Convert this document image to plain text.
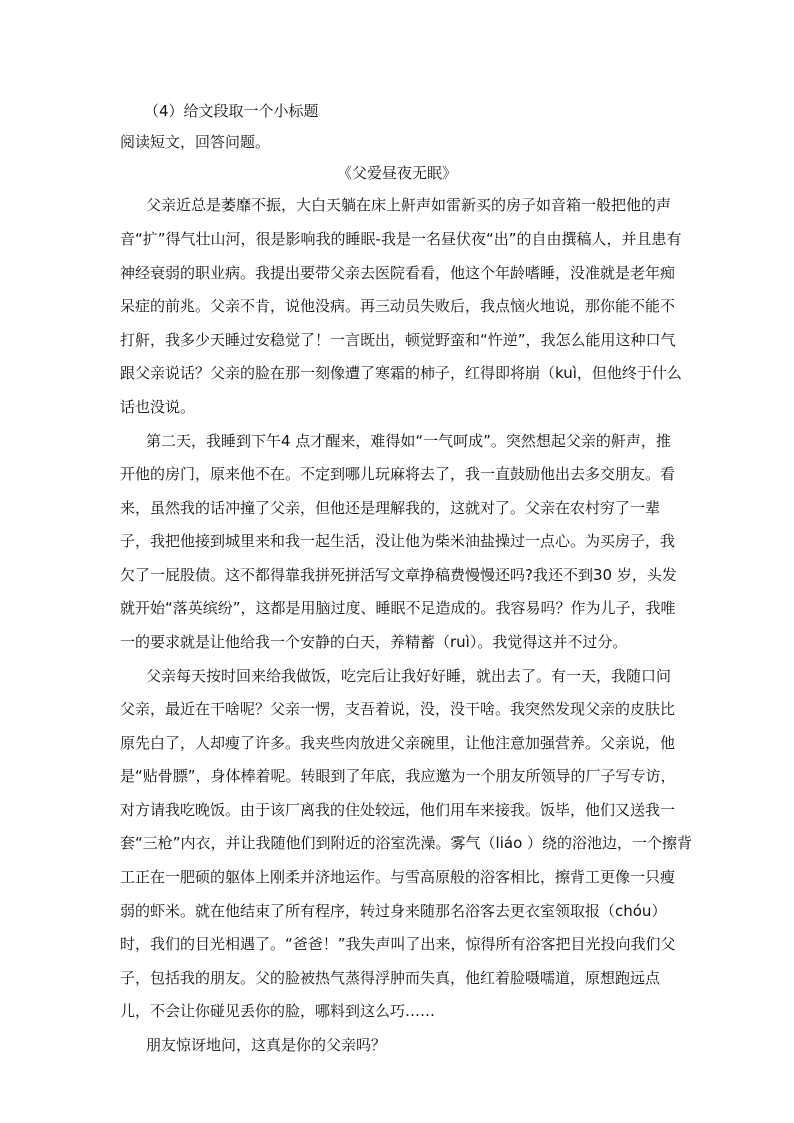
（4）给文段取一个小标题
阅读短文，回答问题。
《父爱昼夜无眠》
父亲近总是萎靡不振，大白天躺在床上鼾声如雷新买的房子如音箱一般把他的声
音“扩”得气壮山河，很是影响我的睡眠-我是一名昼伏夜“出”的自由撰稿人，并且患有
神经衰弱的职业病。我提出要带父亲去医院看看，他这个年龄嗜睡，没准就是老年痴
呆症的前兆。父亲不肯，说他没病。再三动员失败后，我点恼火地说，那你能不能不
打鼾，我多少天睡过安稳觉了！一言既出，顿觉野蛮和“忤逆”，我怎么能用这种口气
跟父亲说话？父亲的脸在那一刻像遭了寒霜的柿子，红得即将崩（kuì，但他终于什么
话也没说。
第二天，我睡到下午4 点才醒来，难得如“一气呵成”。突然想起父亲的鼾声，推
开他的房门，原来他不在。不定到哪儿玩麻将去了，我一直鼓励他出去多交朋友。看
来，虽然我的话冲撞了父亲，但他还是理解我的，这就对了。父亲在农村穷了一辈
子，我把他接到城里来和我一起生活，没让他为柴米油盐操过一点心。为买房子，我
欠了一屁股债。这不都得靠我拼死拼活写文章挣稿费慢慢还吗?我还不到30 岁，头发
就开始“落英缤纷”，这都是用脑过度、睡眠不足造成的。我容易吗？作为儿子，我唯
一的要求就是让他给我一个安静的白天，养精蓄（ruì）。我觉得这并不过分。
父亲每天按时回来给我做饭，吃完后让我好好睡，就出去了。有一天，我随口问
父亲，最近在干啥呢？父亲一愣，支吾着说，没，没干啥。我突然发现父亲的皮肤比
原先白了，人却瘦了许多。我夹些肉放进父亲碗里，让他注意加强营养。父亲说，他
是“贴骨膘”，身体棒着呢。转眼到了年底，我应邀为一个朋友所领导的厂子写专访，
对方请我吃晚饭。由于该厂离我的住处较远，他们用车来接我。饭毕，他们又送我一
套“三枪”内衣，并让我随他们到附近的浴室洗澡。雾气（liáo ）绕的浴池边，一个擦背
工正在一肥硕的躯体上刚柔并济地运作。与雪高原般的浴客相比，擦背工更像一只瘦
弱的虾米。就在他结束了所有程序，转过身来随那名浴客去更衣室领取报（chóu）
时，我们的目光相遇了。“爸爸！”我失声叫了出来，惊得所有浴客把目光投向我们父
子，包括我的朋友。父的脸被热气蒸得浮肿而失真，他红着脸嗫嚅道，原想跑远点
儿，不会让你碰见丢你的脸，哪料到这么巧……
朋友惊讶地问，这真是你的父亲吗？
